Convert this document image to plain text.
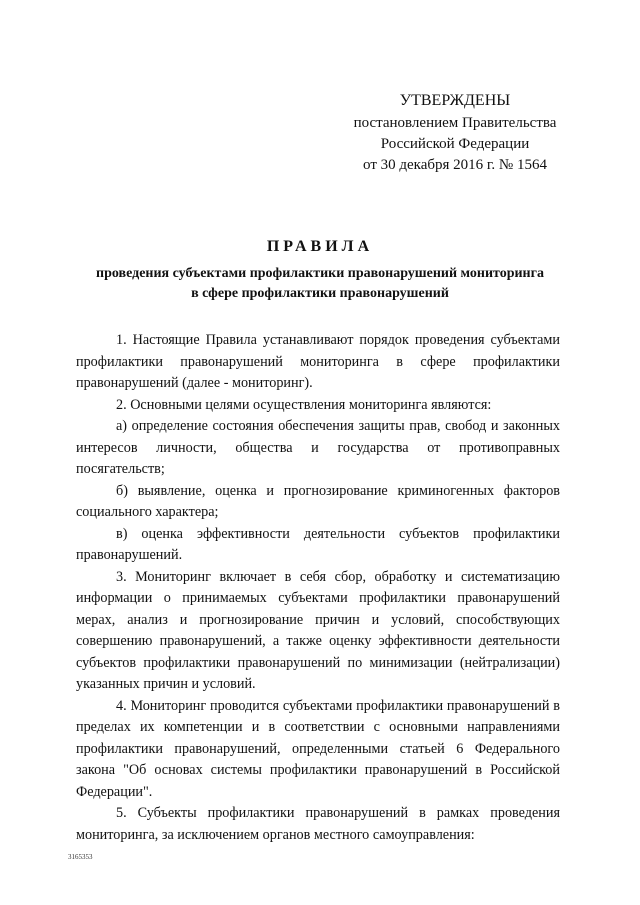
УТВЕРЖДЕНЫ
постановлением Правительства
Российской Федерации
от 30 декабря 2016 г. № 1564
ПРАВИЛА
проведения субъектами профилактики правонарушений мониторинга
в сфере профилактики правонарушений

1. Настоящие Правила устанавливают порядок проведения субъектами профилактики правонарушений мониторинга в сфере профилактики правонарушений (далее - мониторинг).

2. Основными целями осуществления мониторинга являются:

а) определение состояния обеспечения защиты прав, свобод и законных интересов личности, общества и государства от противоправных посягательств;

б) выявление, оценка и прогнозирование криминогенных факторов социального характера;

в) оценка эффективности деятельности субъектов профилактики правонарушений.

3. Мониторинг включает в себя сбор, обработку и систематизацию информации о принимаемых субъектами профилактики правонарушений мерах, анализ и прогнозирование причин и условий, способствующих совершению правонарушений, а также оценку эффективности деятельности субъектов профилактики правонарушений по минимизации (нейтрализации) указанных причин и условий.

4. Мониторинг проводится субъектами профилактики правонарушений в пределах их компетенции и в соответствии с основными направлениями профилактики правонарушений, определенными статьей 6 Федерального закона "Об основах системы профилактики правонарушений в Российской Федерации".

5. Субъекты профилактики правонарушений в рамках проведения мониторинга, за исключением органов местного самоуправления:

3165353
